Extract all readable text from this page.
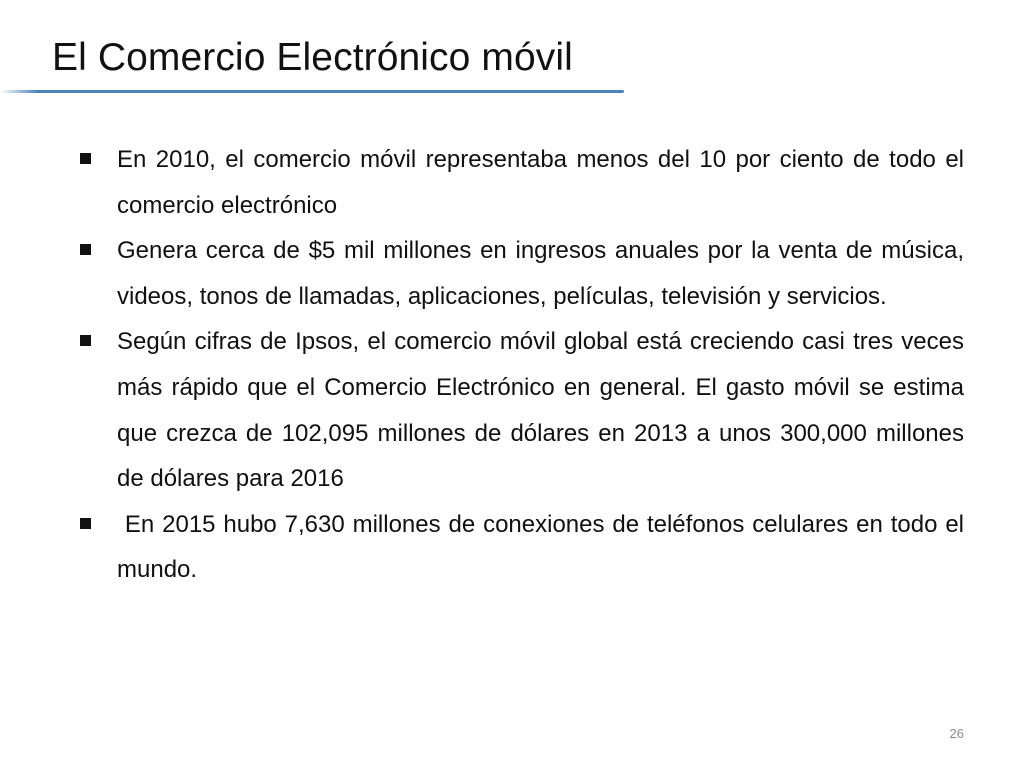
El Comercio Electrónico móvil
En 2010, el comercio móvil representaba menos del 10 por ciento de todo el comercio electrónico
Genera cerca de $5 mil millones en ingresos anuales por la venta de música, videos, tonos de llamadas, aplicaciones, películas, televisión y servicios.
Según cifras de Ipsos, el comercio móvil global está creciendo casi tres veces más rápido que el Comercio Electrónico en general. El gasto móvil se estima que crezca de 102,095 millones de dólares en 2013 a unos 300,000 millones de dólares para 2016
En 2015 hubo 7,630 millones de conexiones de teléfonos celulares en todo el mundo.
26
